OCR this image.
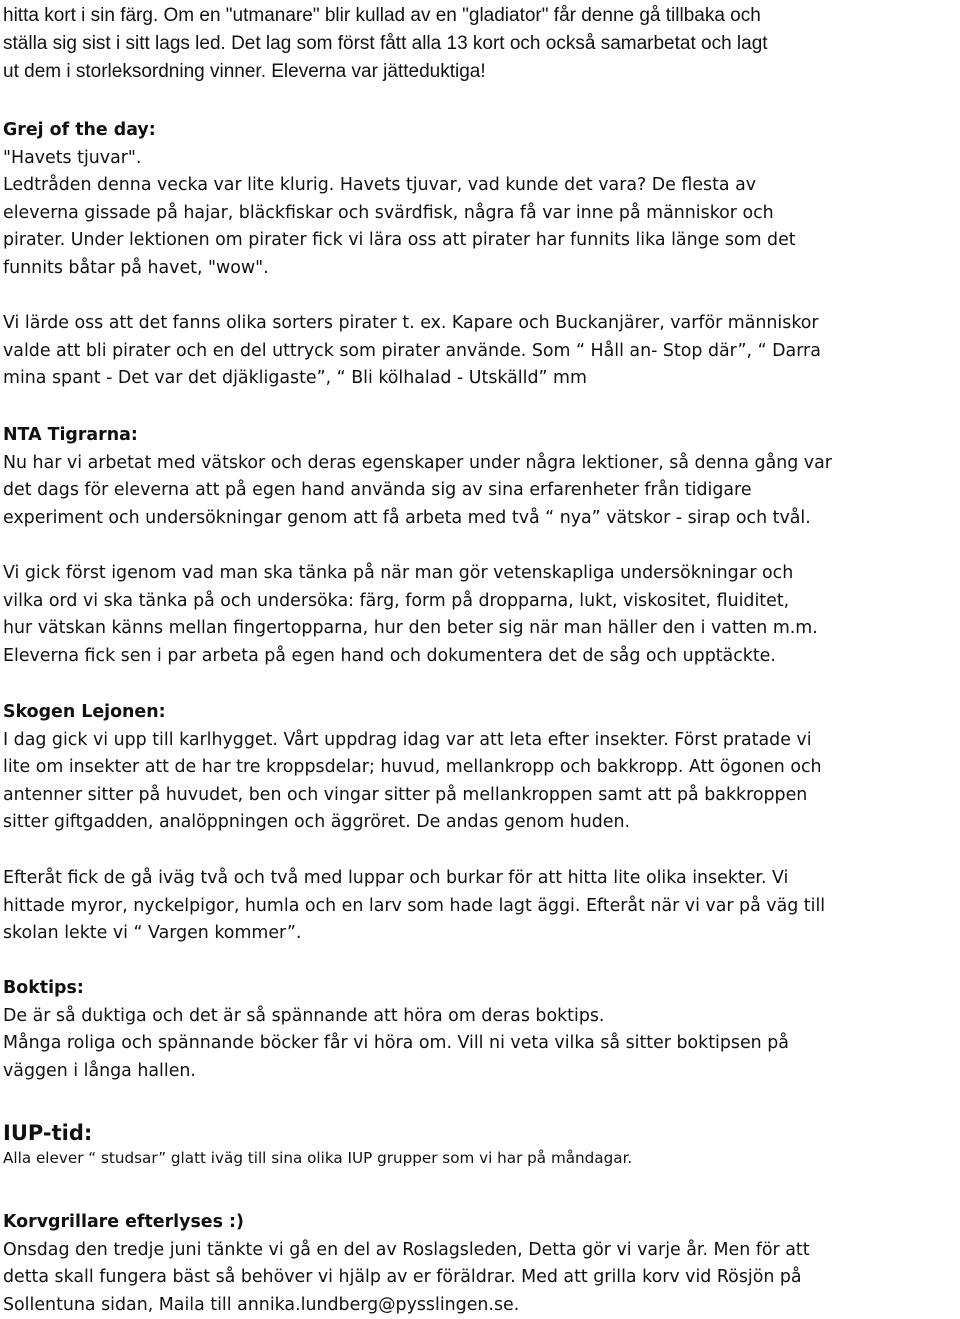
hitta kort i sin färg. Om en "utmanare" blir kullad av en "gladiator" får denne gå tillbaka och

ställa sig sist i sitt lags led. Det lag som först fått alla 13 kort och också samarbetat och lagt

ut dem i storleksordning vinner. Eleverna var jätteduktiga!

Grej of the day:

"Havets tjuvar".

Ledtråden denna vecka var lite klurig. Havets tjuvar, vad kunde det vara? De flesta av

eleverna gissade på hajar, bläckfiskar och svärdfisk, några få var inne på människor och

pirater. Under lektionen om pirater fick vi lära oss att pirater har funnits lika länge som det

funnits båtar på havet, "wow".

Vi lärde oss att det fanns olika sorters pirater t. ex. Kapare och Buckanjärer, varför människor

valde att bli pirater och en del uttryck som pirater använde. Som “ Håll an- Stop där”, “ Darra

mina spant - Det var det djäkligaste”, “ Bli kölhalad - Utskälld” mm

NTA Tigrarna:

Nu har vi arbetat med vätskor och deras egenskaper under några lektioner, så denna gång var

det dags för eleverna att på egen hand använda sig av sina erfarenheter från tidigare

experiment och undersökningar genom att få arbeta med två “ nya” vätskor - sirap och tvål.

Vi gick först igenom vad man ska tänka på när man gör vetenskapliga undersökningar och

vilka ord vi ska tänka på och undersöka: färg, form på dropparna, lukt, viskositet, fluiditet,

hur vätskan känns mellan fingertopparna, hur den beter sig när man häller den i vatten m.m.

Eleverna fick sen i par arbeta på egen hand och dokumentera det de såg och upptäckte.

Skogen Lejonen:

I dag gick vi upp till karlhygget. Vårt uppdrag idag var att leta efter insekter. Först pratade vi

lite om insekter att de har tre kroppsdelar; huvud, mellankropp och bakkropp. Att ögonen och

antenner sitter på huvudet, ben och vingar sitter på mellankroppen samt att på bakkroppen

sitter giftgadden, analöppningen och äggröret. De andas genom huden.

Efteråt fick de gå iväg två och två med luppar och burkar för att hitta lite olika insekter. Vi

hittade myror, nyckelpigor, humla och en larv som hade lagt äggi. Efteråt när vi var på väg till

skolan lekte vi “ Vargen kommer”.

Boktips:

De är så duktiga och det är så spännande att höra om deras boktips.

Många roliga och spännande böcker får vi höra om. Vill ni veta vilka så sitter boktipsen på

väggen i långa hallen.

IUP-tid:

Alla elever “ studsar” glatt iväg till sina olika IUP grupper som vi har på måndagar.

Korvgrillare efterlyses :)

Onsdag den tredje juni tänkte vi gå en del av Roslagsleden, Detta gör vi varje år. Men för att

detta skall fungera bäst så behöver vi hjälp av er föräldrar. Med att grilla korv vid Rösjön på

Sollentuna sidan, Maila till annika.lundberg@pysslingen.se.
